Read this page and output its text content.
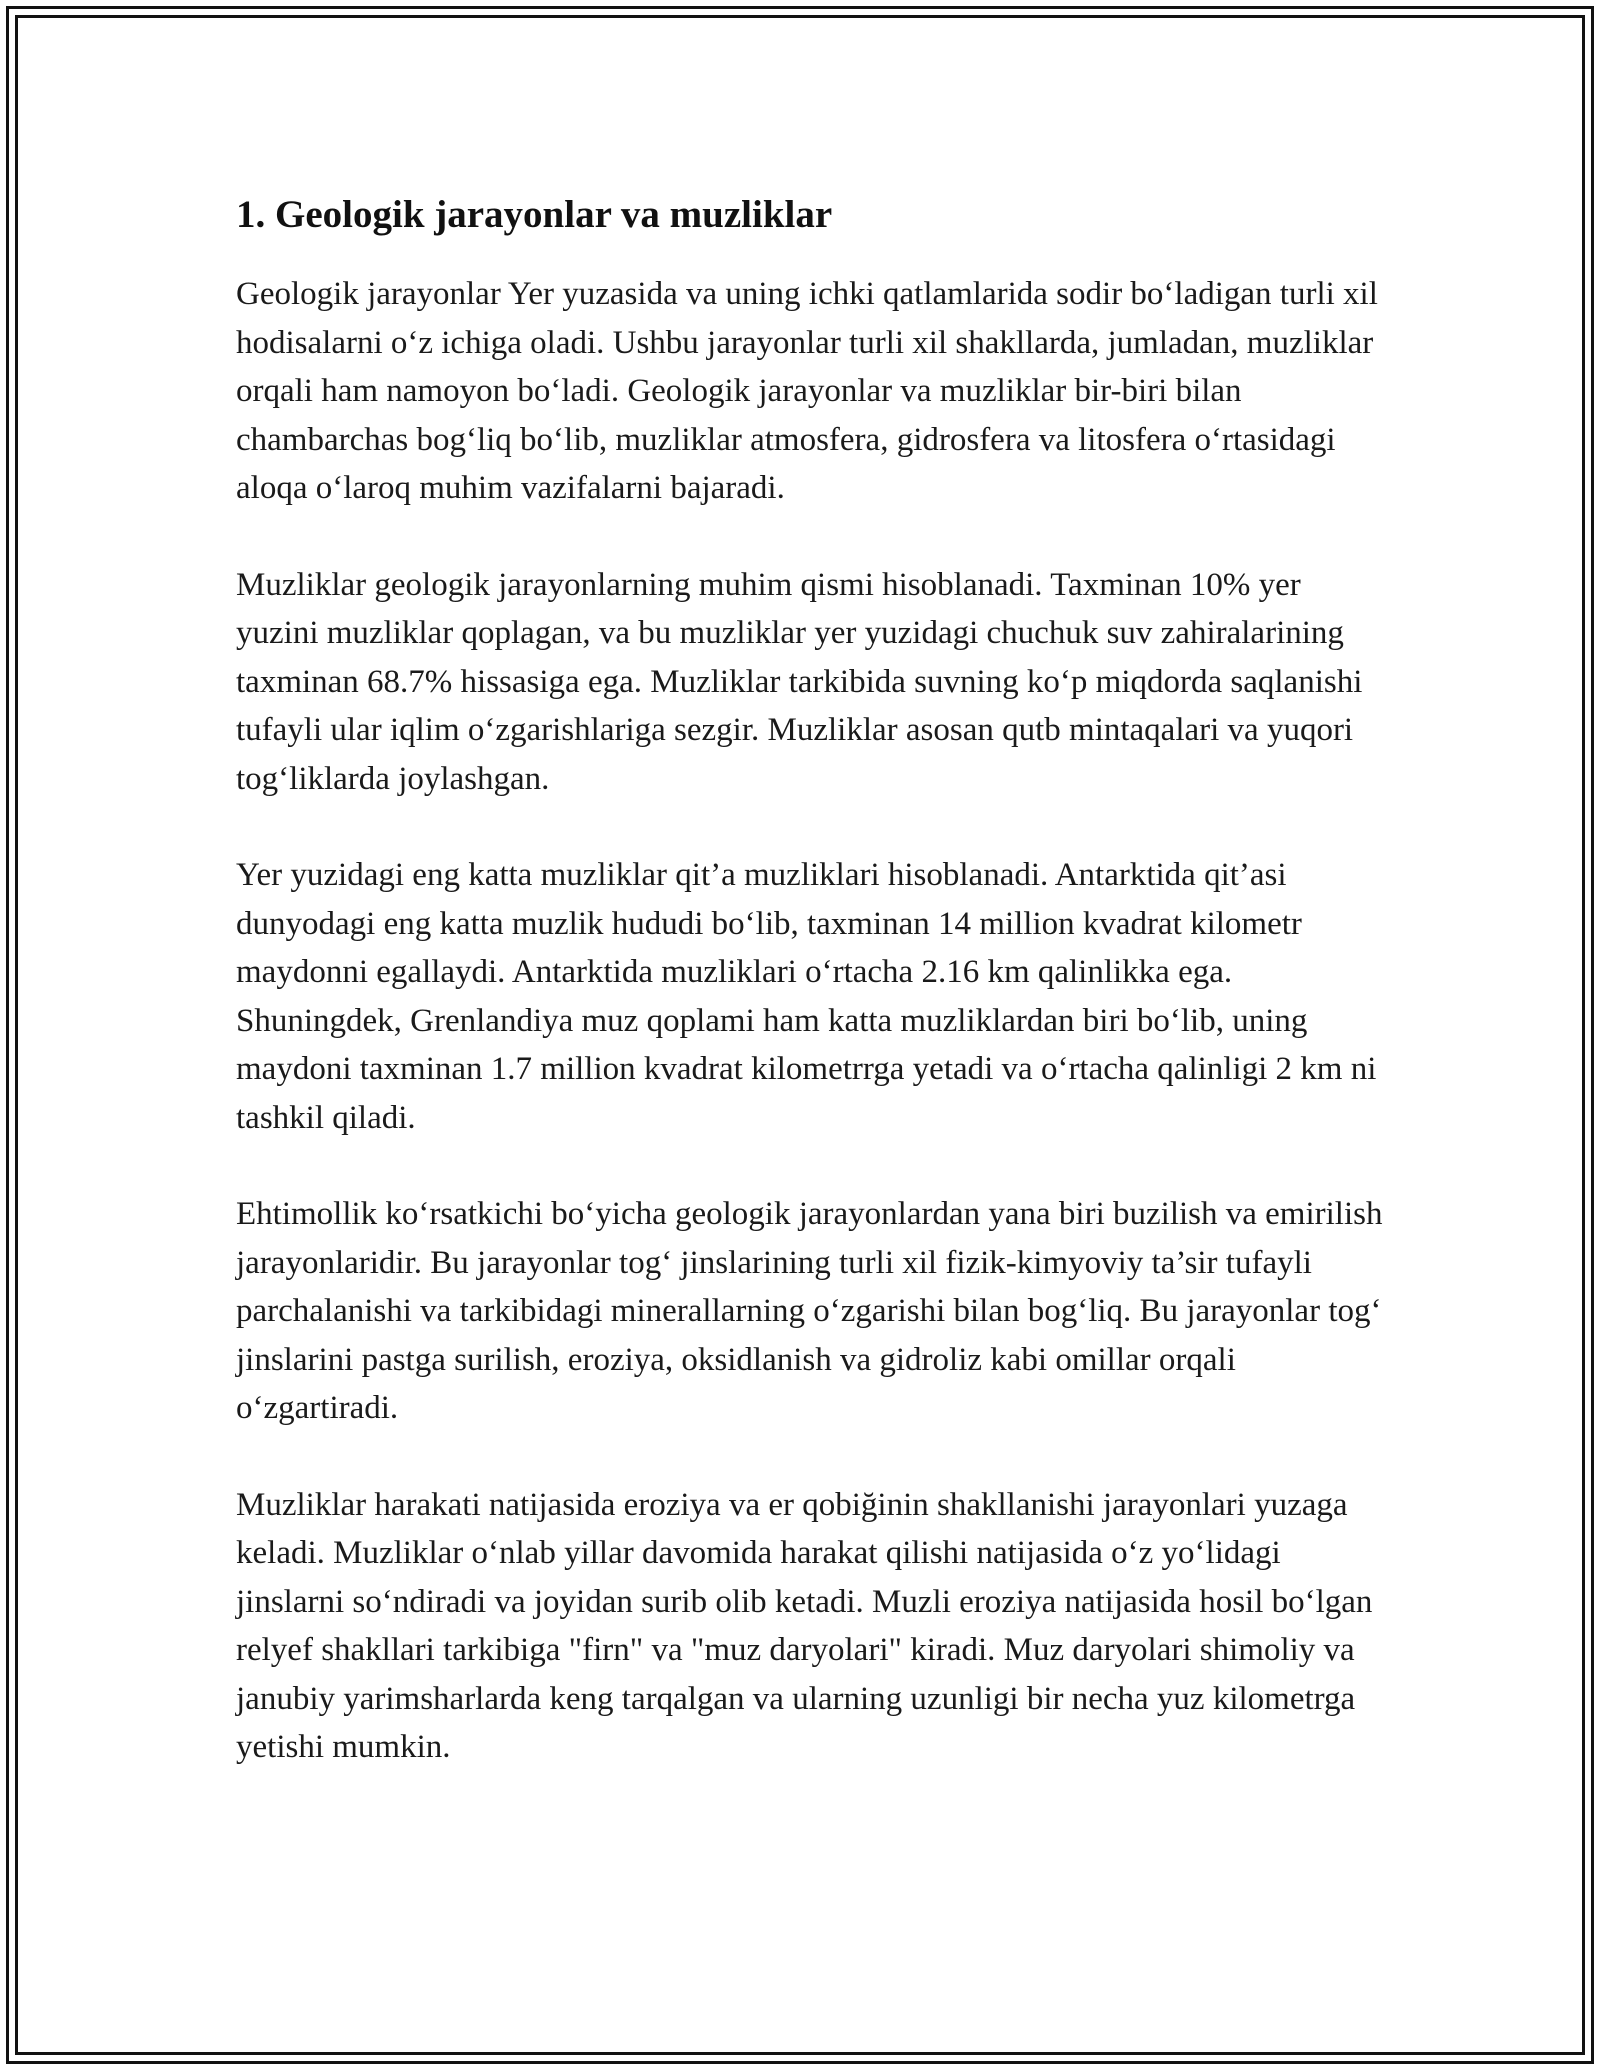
1. Geologik jarayonlar va muzliklar

Geologik jarayonlar Yer yuzasida va uning ichki qatlamlarida sodir bo‘ladigan turli xil hodisalarni o‘z ichiga oladi. Ushbu jarayonlar turli xil shakllarda, jumladan, muzliklar orqali ham namoyon bo‘ladi. Geologik jarayonlar va muzliklar bir-biri bilan chambarchas bog‘liq bo‘lib, muzliklar atmosfera, gidrosfera va litosfera o‘rtasidagi aloqa o‘laroq muhim vazifalarni bajaradi.

Muzliklar geologik jarayonlarning muhim qismi hisoblanadi. Taxminan 10% yer yuzini muzliklar qoplagan, va bu muzliklar yer yuzidagi chuchuk suv zahiralarining taxminan 68.7% hissasiga ega. Muzliklar tarkibida suvning ko‘p miqdorda saqlanishi tufayli ular iqlim o‘zgarishlariga sezgir. Muzliklar asosan qutb mintaqalari va yuqori tog‘liklarda joylashgan.

Yer yuzidagi eng katta muzliklar qit’a muzliklari hisoblanadi. Antarktida qit’asi dunyodagi eng katta muzlik hududi bo‘lib, taxminan 14 million kvadrat kilometr maydonni egallaydi. Antarktida muzliklari o‘rtacha 2.16 km qalinlikka ega. Shuningdek, Grenlandiya muz qoplami ham katta muzliklardan biri bo‘lib, uning maydoni taxminan 1.7 million kvadrat kilometrrga yetadi va o‘rtacha qalinligi 2 km ni tashkil qiladi.

Ehtimollik ko‘rsatkichi bo‘yicha geologik jarayonlardan yana biri buzilish va emirilish jarayonlaridir. Bu jarayonlar tog‘ jinslarining turli xil fizik-kimyoviy ta’sir tufayli parchalanishi va tarkibidagi minerallarning o‘zgarishi bilan bog‘liq. Bu jarayonlar tog‘ jinslarini pastga surilish, eroziya, oksidlanish va gidroliz kabi omillar orqali o‘zgartiradi.

Muzliklar harakati natijasida eroziya va er qobiğinin shakllanishi jarayonlari yuzaga keladi. Muzliklar o‘nlab yillar davomida harakat qilishi natijasida o‘z yo‘lidagi jinslarni so‘ndiradi va joyidan surib olib ketadi. Muzli eroziya natijasida hosil bo‘lgan relyef shakllari tarkibiga "firn" va "muz daryolari" kiradi. Muz daryolari shimoliy va janubiy yarimsharlarda keng tarqalgan va ularning uzunligi bir necha yuz kilometrga yetishi mumkin.
